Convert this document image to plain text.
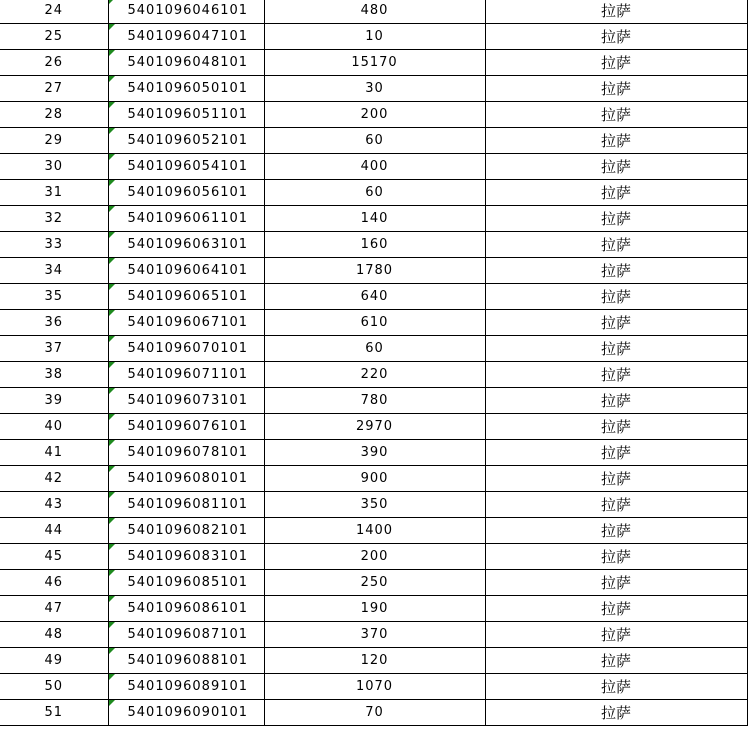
24	5401096046101	480	拉萨
25	5401096047101	10	拉萨
26	5401096048101	15170	拉萨
27	5401096050101	30	拉萨
28	5401096051101	200	拉萨
29	5401096052101	60	拉萨
30	5401096054101	400	拉萨
31	5401096056101	60	拉萨
32	5401096061101	140	拉萨
33	5401096063101	160	拉萨
34	5401096064101	1780	拉萨
35	5401096065101	640	拉萨
36	5401096067101	610	拉萨
37	5401096070101	60	拉萨
38	5401096071101	220	拉萨
39	5401096073101	780	拉萨
40	5401096076101	2970	拉萨
41	5401096078101	390	拉萨
42	5401096080101	900	拉萨
43	5401096081101	350	拉萨
44	5401096082101	1400	拉萨
45	5401096083101	200	拉萨
46	5401096085101	250	拉萨
47	5401096086101	190	拉萨
48	5401096087101	370	拉萨
49	5401096088101	120	拉萨
50	5401096089101	1070	拉萨
51	5401096090101	70	拉萨
